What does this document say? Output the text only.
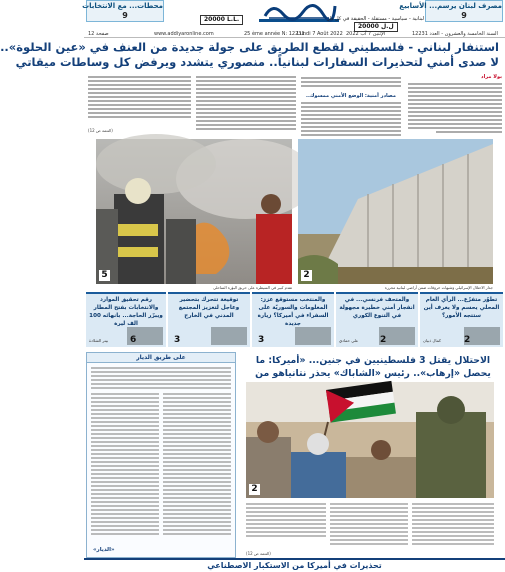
محطات... مع الانتخابات
9
مصرف لبنان يرسم... الأسابيع
9
لبنانية - سياسية - مستقلة - الحقيقة في كل دار
20000 L.L.
20000 ل.ل
12 صفحة	www.addiyaronline.com	25 ème année N: 12231
Lundi 7 Août 2022 الإثنين 7 آب 2022	السنة الخامسة والعشرون - العدد 12231
استنفار لبناني - فلسطيني لقطع الطريق على جولة جديدة من العنف في «عين الحلوة»..
لا صدى أمني لتحذيرات السفارات لبنانياً.. منصوري يتشدد ويرفض كل وساطات ميقاتي
بولا مراد
مصادر أمنية: الوضع الأمني ممسوك..
(التتمة ص 12)
5
تقدم كبير في السيطرة على حريق البؤرة الساحلي
2
جدار الاحتلال الإسرائيلي وشبهات خروقات ضمن أراضي لبنانية محررة
تطوّر متفرّع... الرأي العام المحلي يحسم ولا يعرف أين ستتجه الأمور؟
كمال ذبيان	2
والمتحف فرنسي... في انفجار أمني خطيرة مجهولة في التنوع الكوري
علي حمادي 2
والمنتخب مستوقع عزز: المعلومات والسوريّة على السفراء في أميركا؟ زيارة جديدة
3
توقيعة تتحرك بتحضير وعاجل لتعزيز المجتمع المدني في الخارج
3
رقم تحقيق الموارد والانتخابات بفتح المطار ويبرّر الحاجة... بانهائه 100 الف ليرة
بيتر الشلادة 6
على طريق الديار
«الديار»
الاحتلال يقتل 3 فلسطينيين في جنين... «أميركا: ما يحصل «إرهاب».. رئيس «الشاباك» يحذر نتانياهو من
2
(التتمة ص 12)
تحذيرات في أميركا من الاستكبار الاصطناعي
